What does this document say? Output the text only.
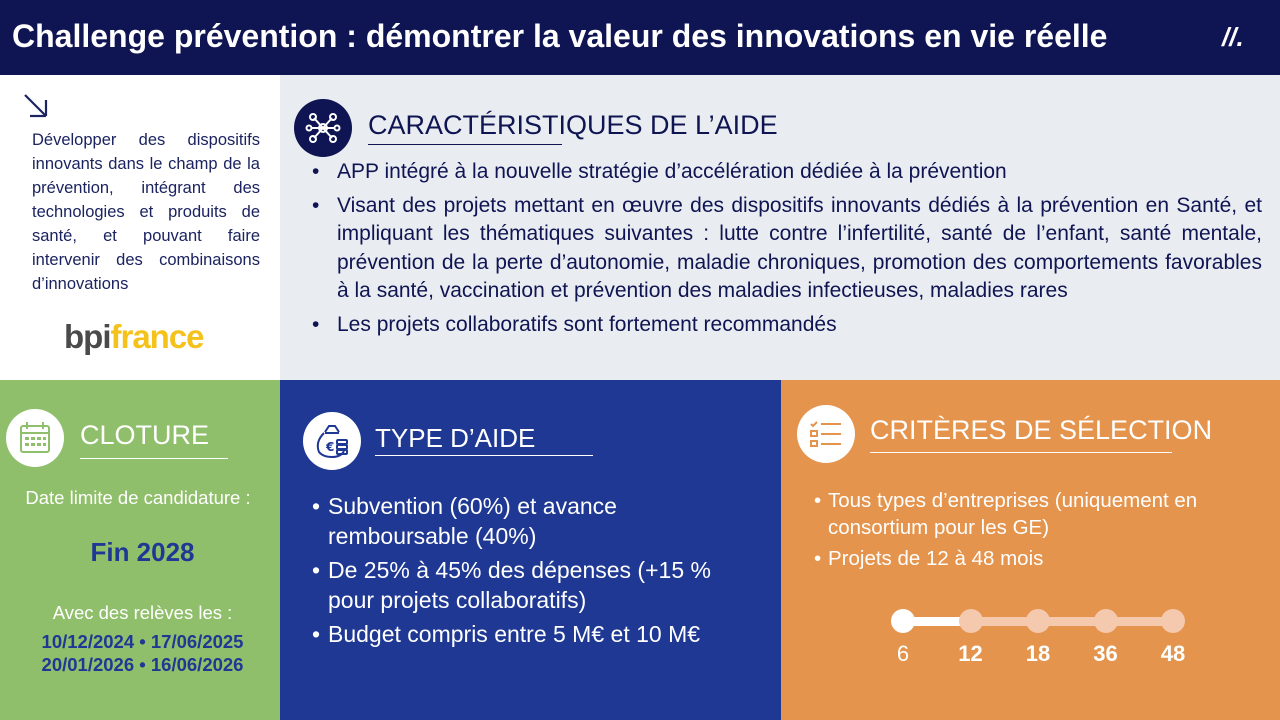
Challenge prévention : démontrer la valeur des innovations en vie réelle	//.
Développer des dispositifs innovants dans le champ de la prévention, intégrant des technologies et produits de santé, et pouvant faire intervenir des combinaisons d’innovations
bpifrance
CARACTÉRISTIQUES DE L’AIDE
• APP intégré à la nouvelle stratégie d’accélération dédiée à la prévention
• Visant des projets mettant en œuvre des dispositifs innovants dédiés à la prévention en Santé, et impliquant les thématiques suivantes : lutte contre l’infertilité, santé de l’enfant, santé mentale, prévention de la perte d’autonomie, maladie chroniques, promotion des comportements favorables à la santé, vaccination et prévention des maladies infectieuses, maladies rares
• Les projets collaboratifs sont fortement recommandés
CLOTURE
Date limite de candidature :
Fin 2028
Avec des relèves les :
10/12/2024 • 17/06/2025
20/01/2026 • 16/06/2026
€ TYPE D’AIDE
• Subvention (60%) et avance remboursable (40%)
• De 25% à 45% des dépenses (+15 % pour projets collaboratifs)
• Budget compris entre 5 M€ et 10 M€
CRITÈRES DE SÉLECTION
• Tous types d’entreprises (uniquement en consortium pour les GE)
• Projets de 12 à 48 mois
6	12	18	36	48
